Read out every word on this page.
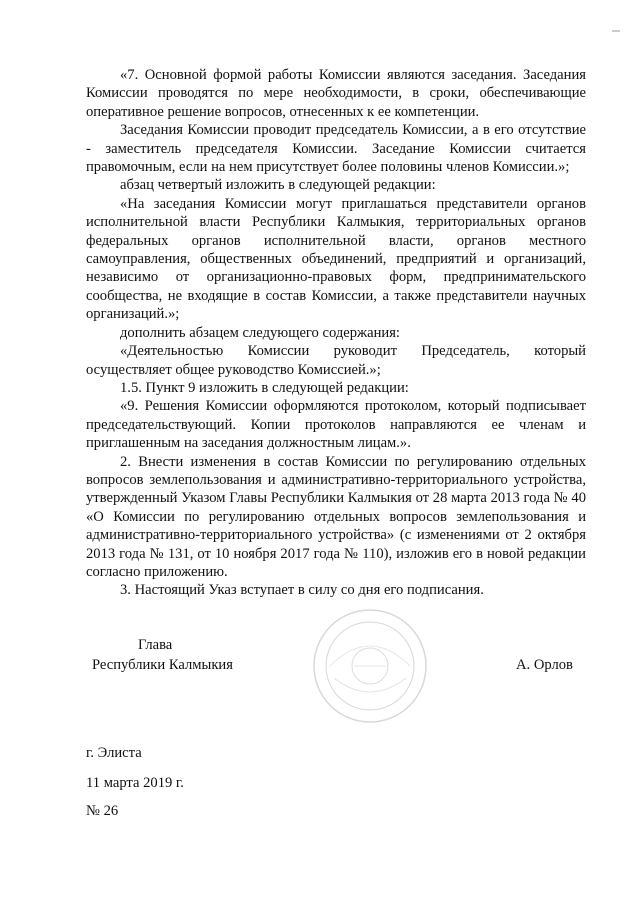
«7. Основной формой работы Комиссии являются заседания. Заседания Комиссии проводятся по мере необходимости, в сроки, обеспечивающие оперативное решение вопросов, отнесенных к ее компетенции.

Заседания Комиссии проводит председатель Комиссии, а в его отсутствие - заместитель председателя Комиссии. Заседание Комиссии считается правомочным, если на нем присутствует более половины членов Комиссии.»;

абзац четвертый изложить в следующей редакции:

«На заседания Комиссии могут приглашаться представители органов исполнительной власти Республики Калмыкия, территориальных органов федеральных органов исполнительной власти, органов местного самоуправления, общественных объединений, предприятий и организаций, независимо от организационно-правовых форм, предпринимательского сообщества, не входящие в состав Комиссии, а также представители научных организаций.»;

дополнить абзацем следующего содержания:

«Деятельностью Комиссии руководит Председатель, который осуществляет общее руководство Комиссией.»;

1.5. Пункт 9 изложить в следующей редакции:

«9. Решения Комиссии оформляются протоколом, который подписывает председательствующий. Копии протоколов направляются ее членам и приглашенным на заседания должностным лицам.».

2. Внести изменения в состав Комиссии по регулированию отдельных вопросов землепользования и административно-территориального устройства, утвержденный Указом Главы Республики Калмыкия от 28 марта 2013 года № 40 «О Комиссии по регулированию отдельных вопросов землепользования и административно-территориального устройства» (с изменениями от 2 октября 2013 года № 131, от 10 ноября 2017 года № 110), изложив его в новой редакции согласно приложению.

3. Настоящий Указ вступает в силу со дня его подписания.

Глава
Республики Калмыкия	А. Орлов
г. Элиста
11 марта 2019 г.
№ 26
